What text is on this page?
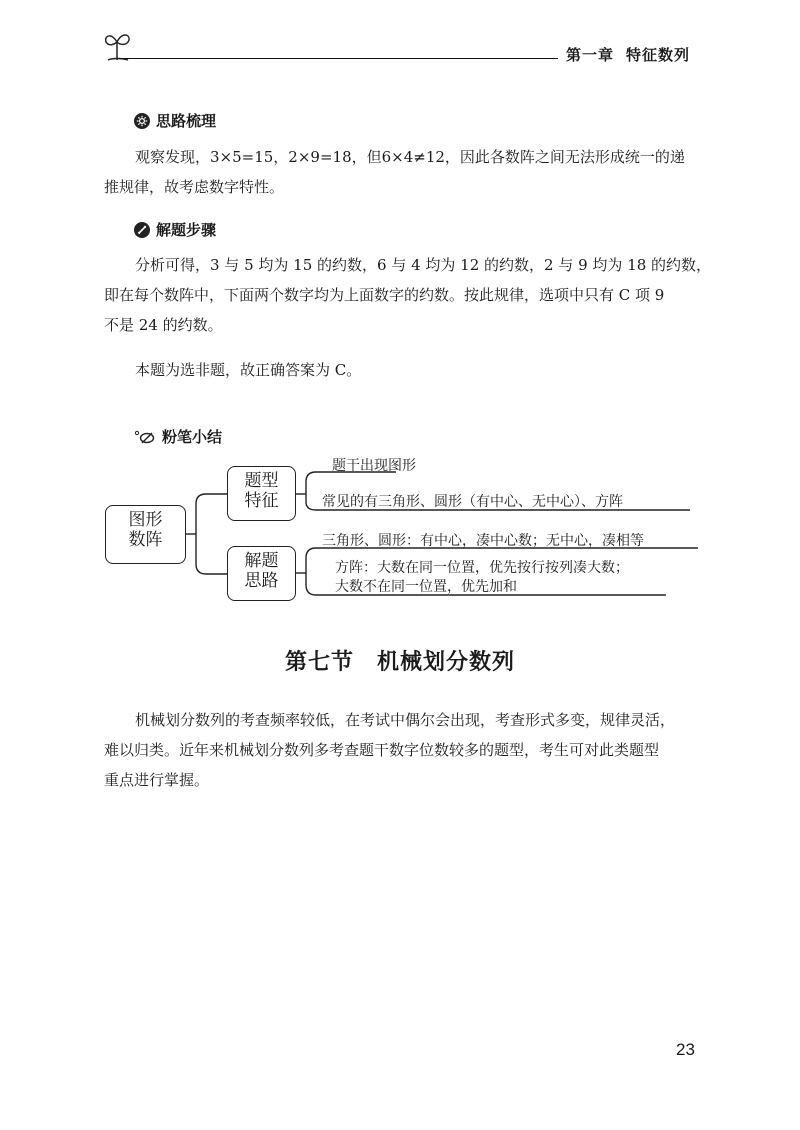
第一章 特征数列
思路梳理
观察发现，3×5=15，2×9=18，但6×4≠12，因此各数阵之间无法形成统一的递
推规律，故考虑数字特性。
解题步骤
分析可得，3 与 5 均为 15 的约数，6 与 4 均为 12 的约数，2 与 9 均为 18 的约数，
即在每个数阵中，下面两个数字均为上面数字的约数。按此规律，选项中只有 C 项 9
不是 24 的约数。
本题为选非题，故正确答案为 C。
粉笔小结
图形
数阵
题型
特征
解题
思路
题干出现图形
常见的有三角形、圆形（有中心、无中心）、方阵
三角形、圆形：有中心，凑中心数；无中心，凑相等
方阵：大数在同一位置，优先按行按列凑大数；
大数不在同一位置，优先加和
第七节　机械划分数列
机械划分数列的考查频率较低，在考试中偶尔会出现，考查形式多变，规律灵活，
难以归类。近年来机械划分数列多考查题干数字位数较多的题型，考生可对此类题型
重点进行掌握。
23
